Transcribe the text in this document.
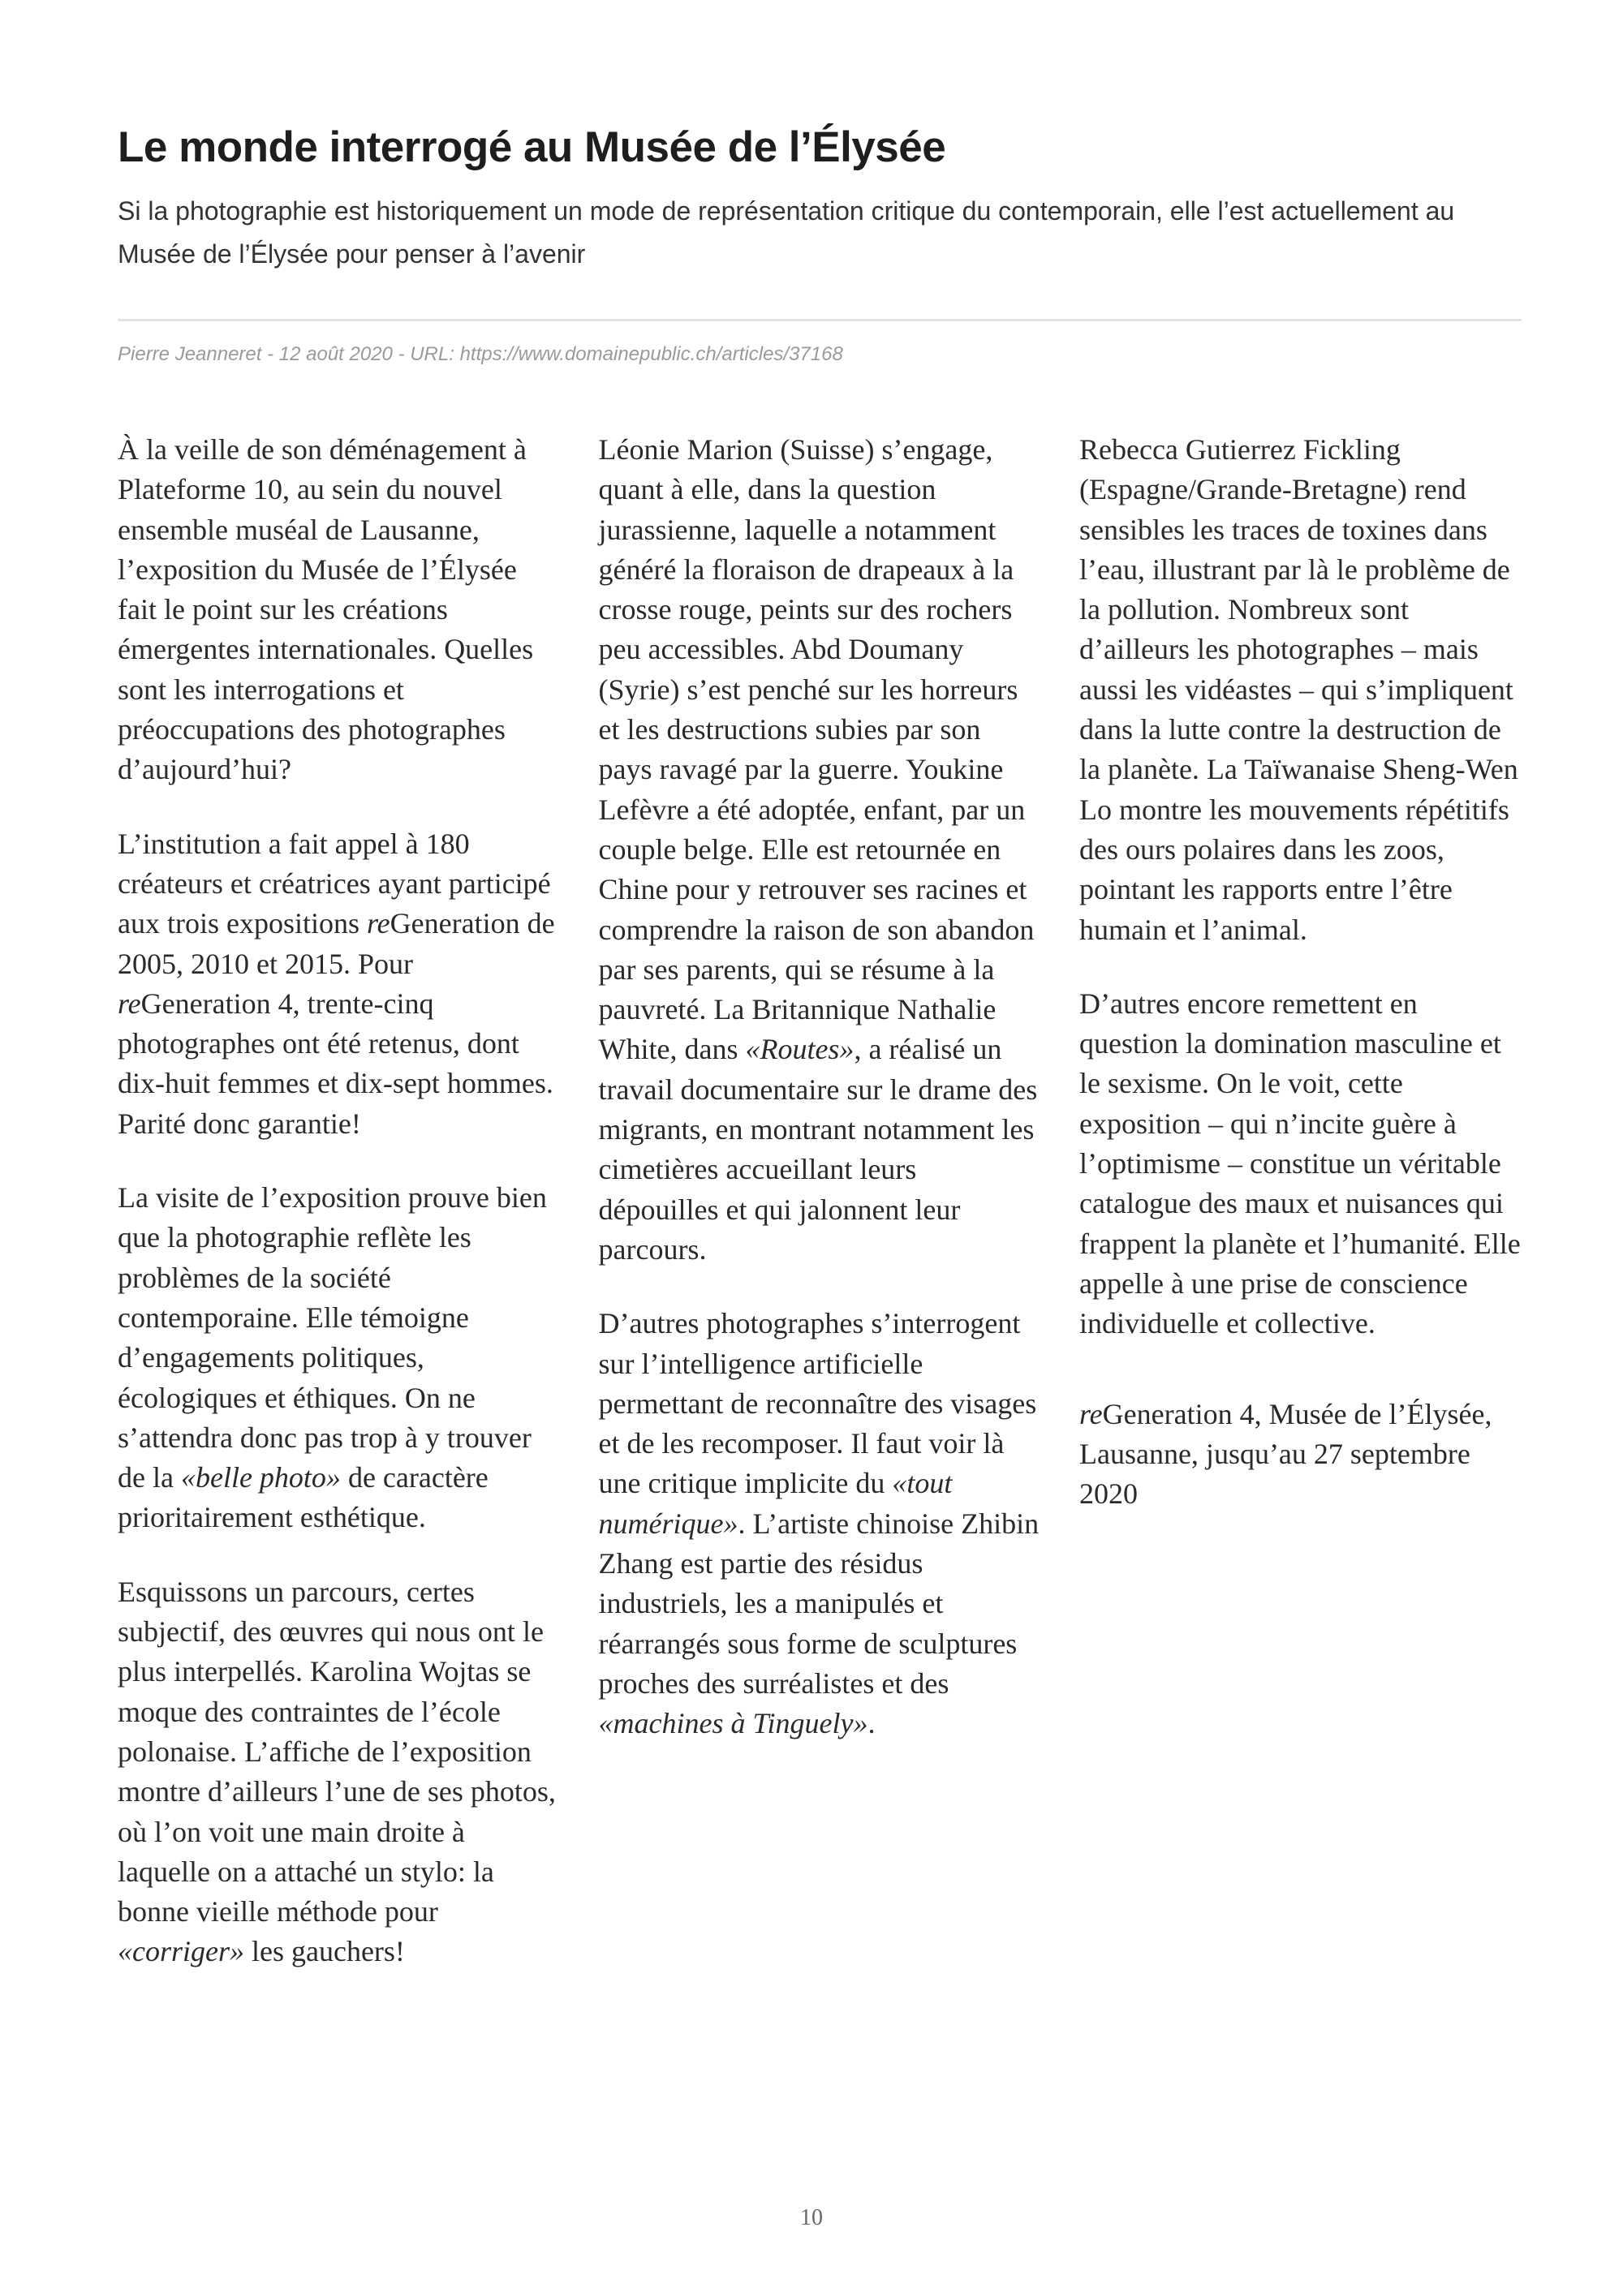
Le monde interrogé au Musée de l’Élysée

Si la photographie est historiquement un mode de représentation critique du contemporain, elle l’est actuellement au Musée de l’Élysée pour penser à l’avenir

Pierre Jeanneret - 12 août 2020 - URL: https://www.domainepublic.ch/articles/37168

À la veille de son déménagement à Plateforme 10, au sein du nouvel ensemble muséal de Lausanne, l’exposition du Musée de l’Élysée fait le point sur les créations émergentes internationales. Quelles sont les interrogations et préoccupations des photographes d’aujourd’hui?

L’institution a fait appel à 180 créateurs et créatrices ayant participé aux trois expositions reGeneration de 2005, 2010 et 2015. Pour reGeneration 4, trente-cinq photographes ont été retenus, dont dix-huit femmes et dix-sept hommes. Parité donc garantie!

La visite de l’exposition prouve bien que la photographie reflète les problèmes de la société contemporaine. Elle témoigne d’engagements politiques, écologiques et éthiques. On ne s’attendra donc pas trop à y trouver de la «belle photo» de caractère prioritairement esthétique.

Esquissons un parcours, certes subjectif, des œuvres qui nous ont le plus interpellés. Karolina Wojtas se moque des contraintes de l’école polonaise. L’affiche de l’exposition montre d’ailleurs l’une de ses photos, où l’on voit une main droite à laquelle on a attaché un stylo: la bonne vieille méthode pour «corriger» les gauchers!

Léonie Marion (Suisse) s’engage, quant à elle, dans la question jurassienne, laquelle a notamment généré la floraison de drapeaux à la crosse rouge, peints sur des rochers peu accessibles. Abd Doumany (Syrie) s’est penché sur les horreurs et les destructions subies par son pays ravagé par la guerre. Youkine Lefèvre a été adoptée, enfant, par un couple belge. Elle est retournée en Chine pour y retrouver ses racines et comprendre la raison de son abandon par ses parents, qui se résume à la pauvreté. La Britannique Nathalie White, dans «Routes», a réalisé un travail documentaire sur le drame des migrants, en montrant notamment les cimetières accueillant leurs dépouilles et qui jalonnent leur parcours.

D’autres photographes s’interrogent sur l’intelligence artificielle permettant de reconnaître des visages et de les recomposer. Il faut voir là une critique implicite du «tout numérique». L’artiste chinoise Zhibin Zhang est partie des résidus industriels, les a manipulés et réarrangés sous forme de sculptures proches des surréalistes et des «machines à Tinguely».

Rebecca Gutierrez Fickling (Espagne/Grande-Bretagne) rend sensibles les traces de toxines dans l’eau, illustrant par là le problème de la pollution. Nombreux sont d’ailleurs les photographes – mais aussi les vidéastes – qui s’impliquent dans la lutte contre la destruction de la planète. La Taïwanaise Sheng-Wen Lo montre les mouvements répétitifs des ours polaires dans les zoos, pointant les rapports entre l’être humain et l’animal.

D’autres encore remettent en question la domination masculine et le sexisme. On le voit, cette exposition – qui n’incite guère à l’optimisme – constitue un véritable catalogue des maux et nuisances qui frappent la planète et l’humanité. Elle appelle à une prise de conscience individuelle et collective.

reGeneration 4, Musée de l’Élysée, Lausanne, jusqu’au 27 septembre 2020

10
